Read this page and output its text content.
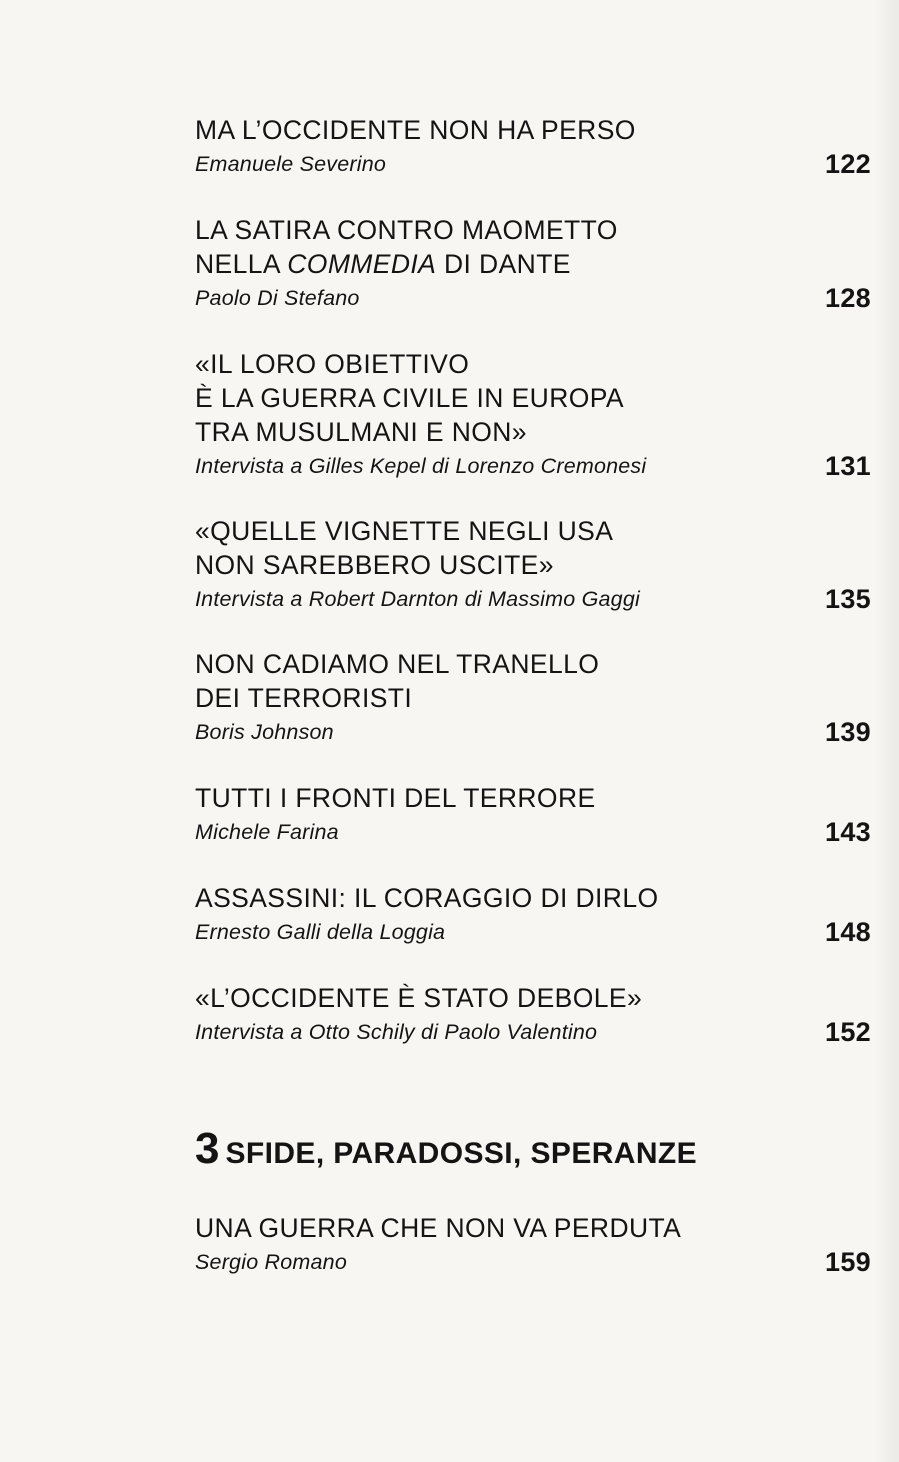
MA L’OCCIDENTE NON HA PERSO
Emanuele Severino	122
LA SATIRA CONTRO MAOMETTO
NELLA COMMEDIA DI DANTE
Paolo Di Stefano	128
«IL LORO OBIETTIVO
È LA GUERRA CIVILE IN EUROPA
TRA MUSULMANI E NON»
Intervista a Gilles Kepel di Lorenzo Cremonesi	131
«QUELLE VIGNETTE NEGLI USA
NON SAREBBERO USCITE»
Intervista a Robert Darnton di Massimo Gaggi	135
NON CADIAMO NEL TRANELLO
DEI TERRORISTI
Boris Johnson	139
TUTTI I FRONTI DEL TERRORE
Michele Farina	143
ASSASSINI: IL CORAGGIO DI DIRLO
Ernesto Galli della Loggia	148
«L’OCCIDENTE È STATO DEBOLE»
Intervista a Otto Schily di Paolo Valentino	152
3 SFIDE, PARADOSSI, SPERANZE
UNA GUERRA CHE NON VA PERDUTA
Sergio Romano	159
